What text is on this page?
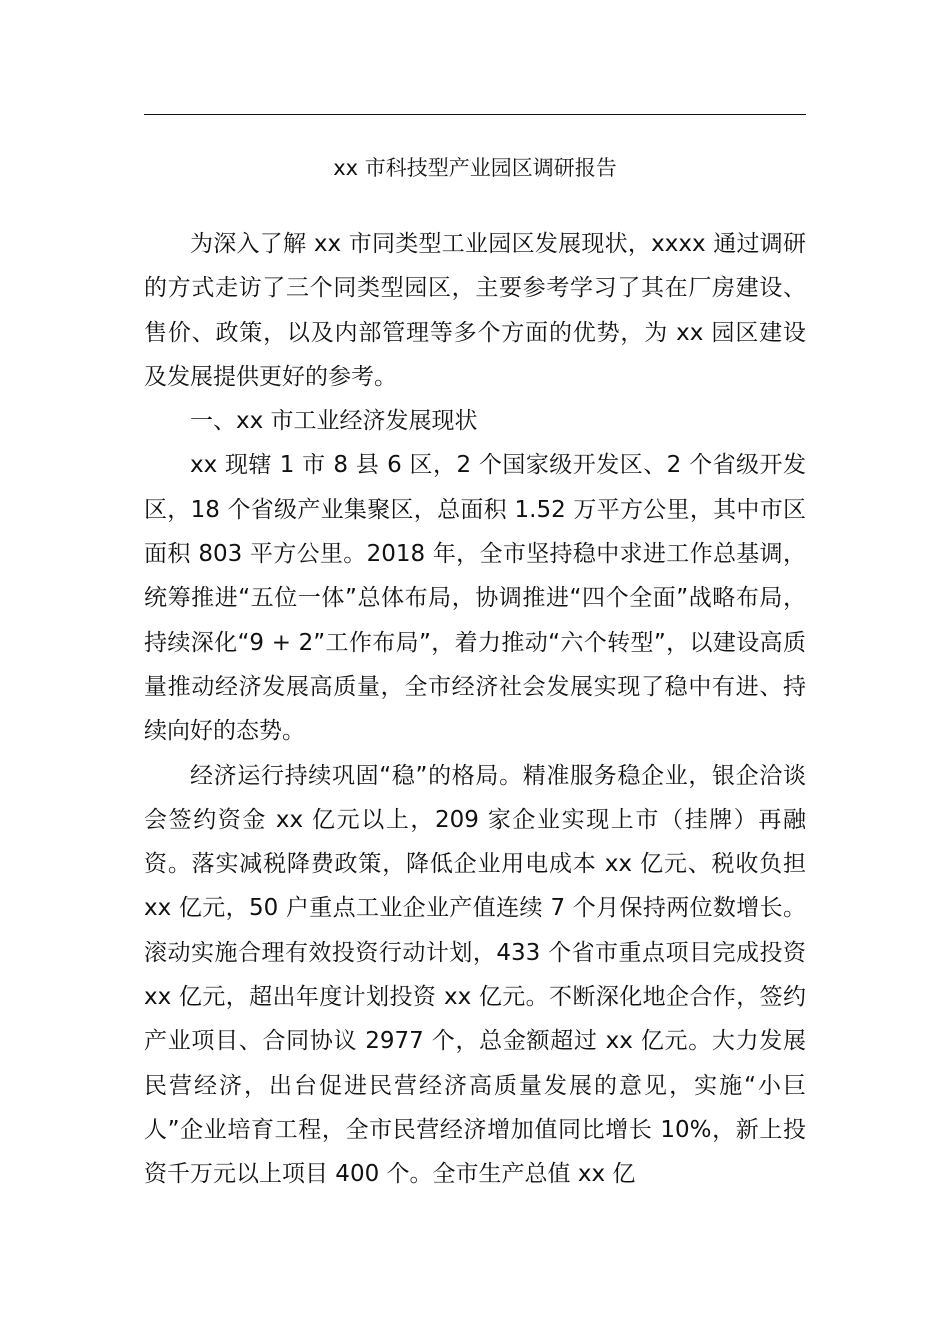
xx 市科技型产业园区调研报告

为深入了解 xx 市同类型工业园区发展现状，xxxx 通过调研的方式走访了三个同类型园区，主要参考学习了其在厂房建设、售价、政策，以及内部管理等多个方面的优势，为 xx 园区建设及发展提供更好的参考。

一、xx 市工业经济发展现状

xx 现辖 1 市 8 县 6 区，2 个国家级开发区、2 个省级开发区，18 个省级产业集聚区，总面积 1.52 万平方公里，其中市区面积 803 平方公里。2018 年，全市坚持稳中求进工作总基调，统筹推进“五位一体”总体布局，协调推进“四个全面”战略布局，持续深化“9 + 2”工作布局”，着力推动“六个转型”，以建设高质量推动经济发展高质量，全市经济社会发展实现了稳中有进、持续向好的态势。

经济运行持续巩固“稳”的格局。精准服务稳企业，银企洽谈会签约资金 xx 亿元以上，209 家企业实现上市（挂牌）再融资。落实减税降费政策，降低企业用电成本 xx 亿元、税收负担 xx 亿元，50 户重点工业企业产值连续 7 个月保持两位数增长。滚动实施合理有效投资行动计划，433 个省市重点项目完成投资 xx 亿元，超出年度计划投资 xx 亿元。不断深化地企合作，签约产业项目、合同协议 2977 个，总金额超过 xx 亿元。大力发展民营经济，出台促进民营经济高质量发展的意见，实施“小巨人”企业培育工程，全市民营经济增加值同比增长 10%，新上投资千万元以上项目 400 个。全市生产总值 xx 亿
